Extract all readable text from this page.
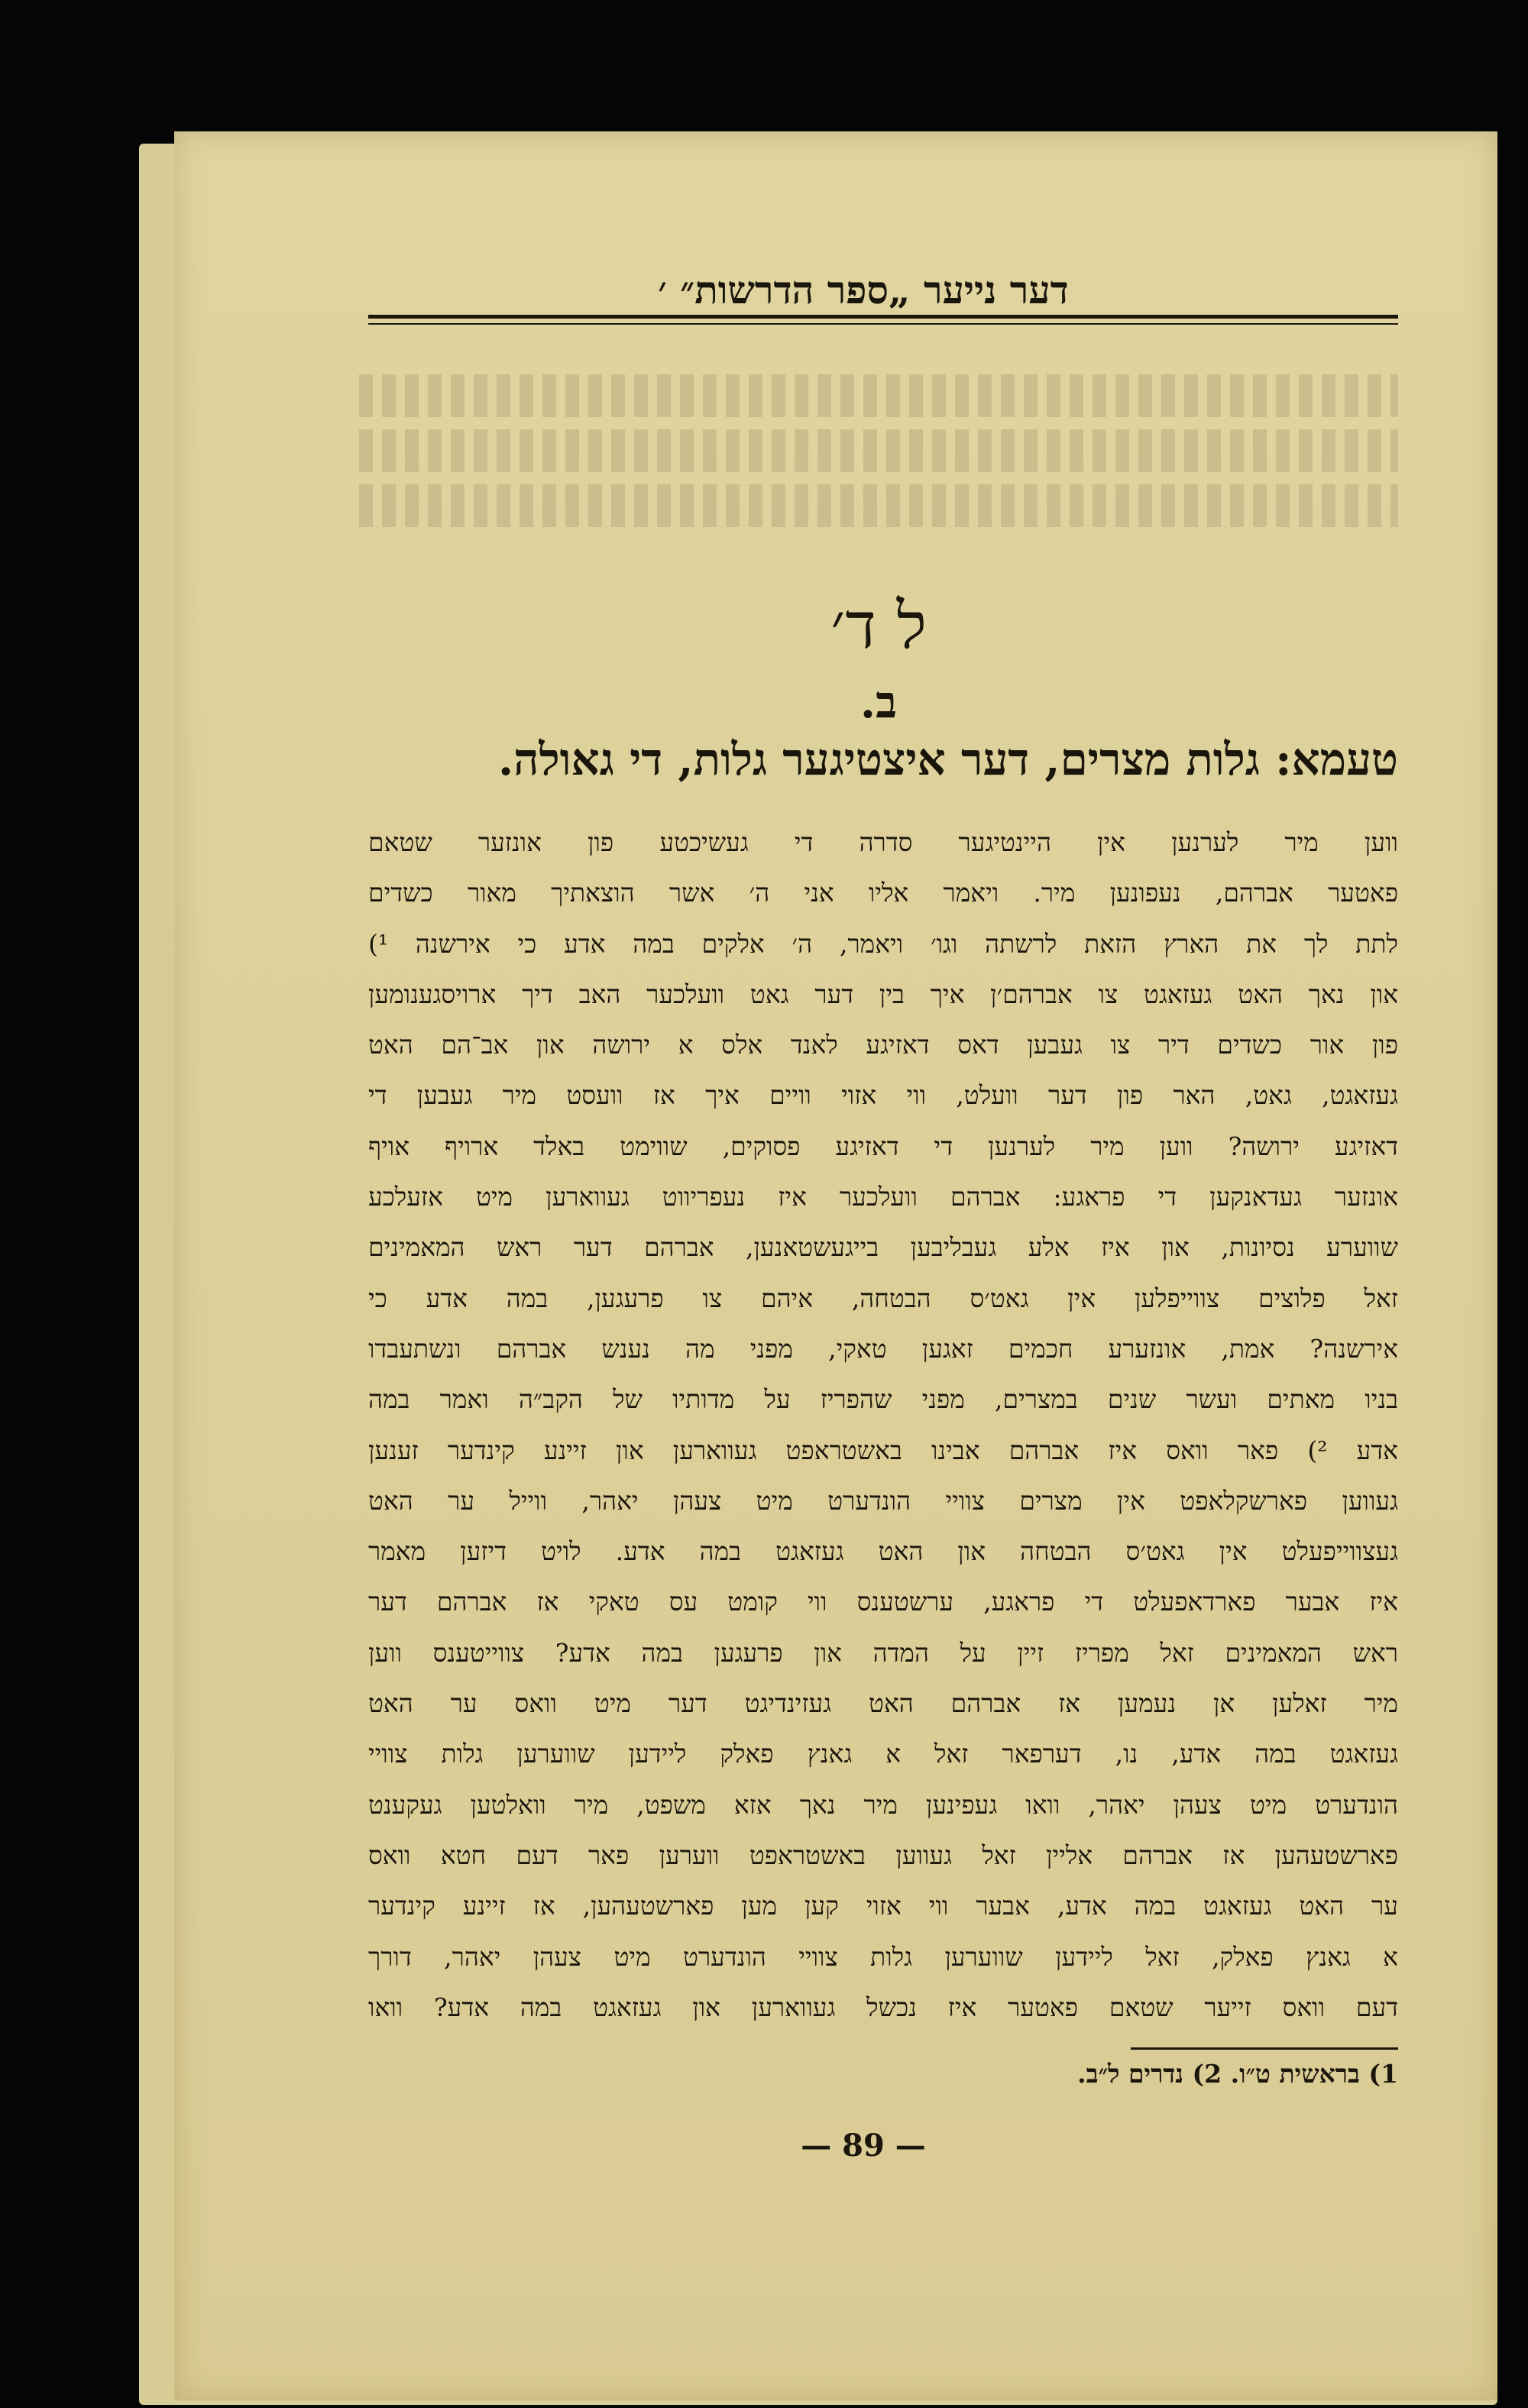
דער נייער „ספר הדרשות״ ׳
ל ד׳
ב.
טעמא: גלות מצרים, דער איצטיגער גלות, די גאולה.
ווען מיר לערנען אין היינטיגער סדרה די געשיכטע פון אונזער שטאם
פאטער אברהם, נעפונען מיר. ויאמר אליו אני ה׳ אשר הוצאתיך מאור כשדים
לתת לך את הארץ הזאת לרשתה וגו׳ ויאמר, ה׳ אלקים במה אדע כי אירשנה ¹)
און נאך האט געזאגט צו אברהם׳ן איך בין דער גאט וועלכער האב דיך ארויסגענומען
פון אור כשדים דיר צו געבען דאס דאזיגע לאנד אלס א ירושה און אב־הם האט
געזאגט, גאט, האר פון דער וועלט, ווי אזוי וויים איך אז וועסט מיר געבען די
דאזיגע ירושה? ווען מיר לערנען די דאזיגע פסוקים, שווימט באלד ארויף אויף
אונזער געדאנקען די פראגע: אברהם וועלכער איז נעפריווט געווארען מיט אזעלכע
שווערע נסיונות, און איז אלע געבליבען בייגעשטאנען, אברהם דער ראש המאמינים
זאל פלוצים צווייפלען אין גאט׳ס הבטחה, איהם צו פרעגען, במה אדע כי
אירשנה? אמת, אונזערע חכמים זאגען טאקי, מפני מה נענש אברהם ונשתעבדו
בניו מאתים ועשר שנים במצרים, מפני שהפריז על מדותיו של הקב״ה ואמר במה
אדע ²) פאר וואס איז אברהם אבינו באשטראפט געווארען און זיינע קינדער זענען
געווען פארשקלאפט אין מצרים צוויי הונדערט מיט צעהן יאהר, ווייל ער האט
געצווייפעלט אין גאט׳ס הבטחה און האט געזאגט במה אדע. לויט דיזען מאמר
איז אבער פארדאפעלט די פראגע, ערשטענס ווי קומט עס טאקי אז אברהם דער
ראש המאמינים זאל מפריז זיין על המדה און פרעגען במה אדע? צווייטענס ווען
מיר זאלען אן נעמען אז אברהם האט געזינדיגט דער מיט וואס ער האט
געזאגט במה אדע, נו, דערפאר זאל א גאנץ פאלק ליידען שווערען גלות צוויי
הונדערט מיט צעהן יאהר, וואו געפינען מיר נאך אזא משפט, מיר וואלטען געקענט
פארשטעהען אז אברהם אליין זאל געווען באשטראפט ווערען פאר דעם חטא וואס
ער האט געזאגט במה אדע, אבער ווי אזוי קען מען פארשטעהען, אז זיינע קינדער
א גאנץ פאלק, זאל ליידען שווערען גלות צוויי הונדערט מיט צעהן יאהר, דורך
דעם וואס זייער שטאם פאטער איז נכשל געווארען און געזאגט במה אדע? וואו
1) בראשית ט״ו. 2) נדרים ל״ב.
— 89 —
